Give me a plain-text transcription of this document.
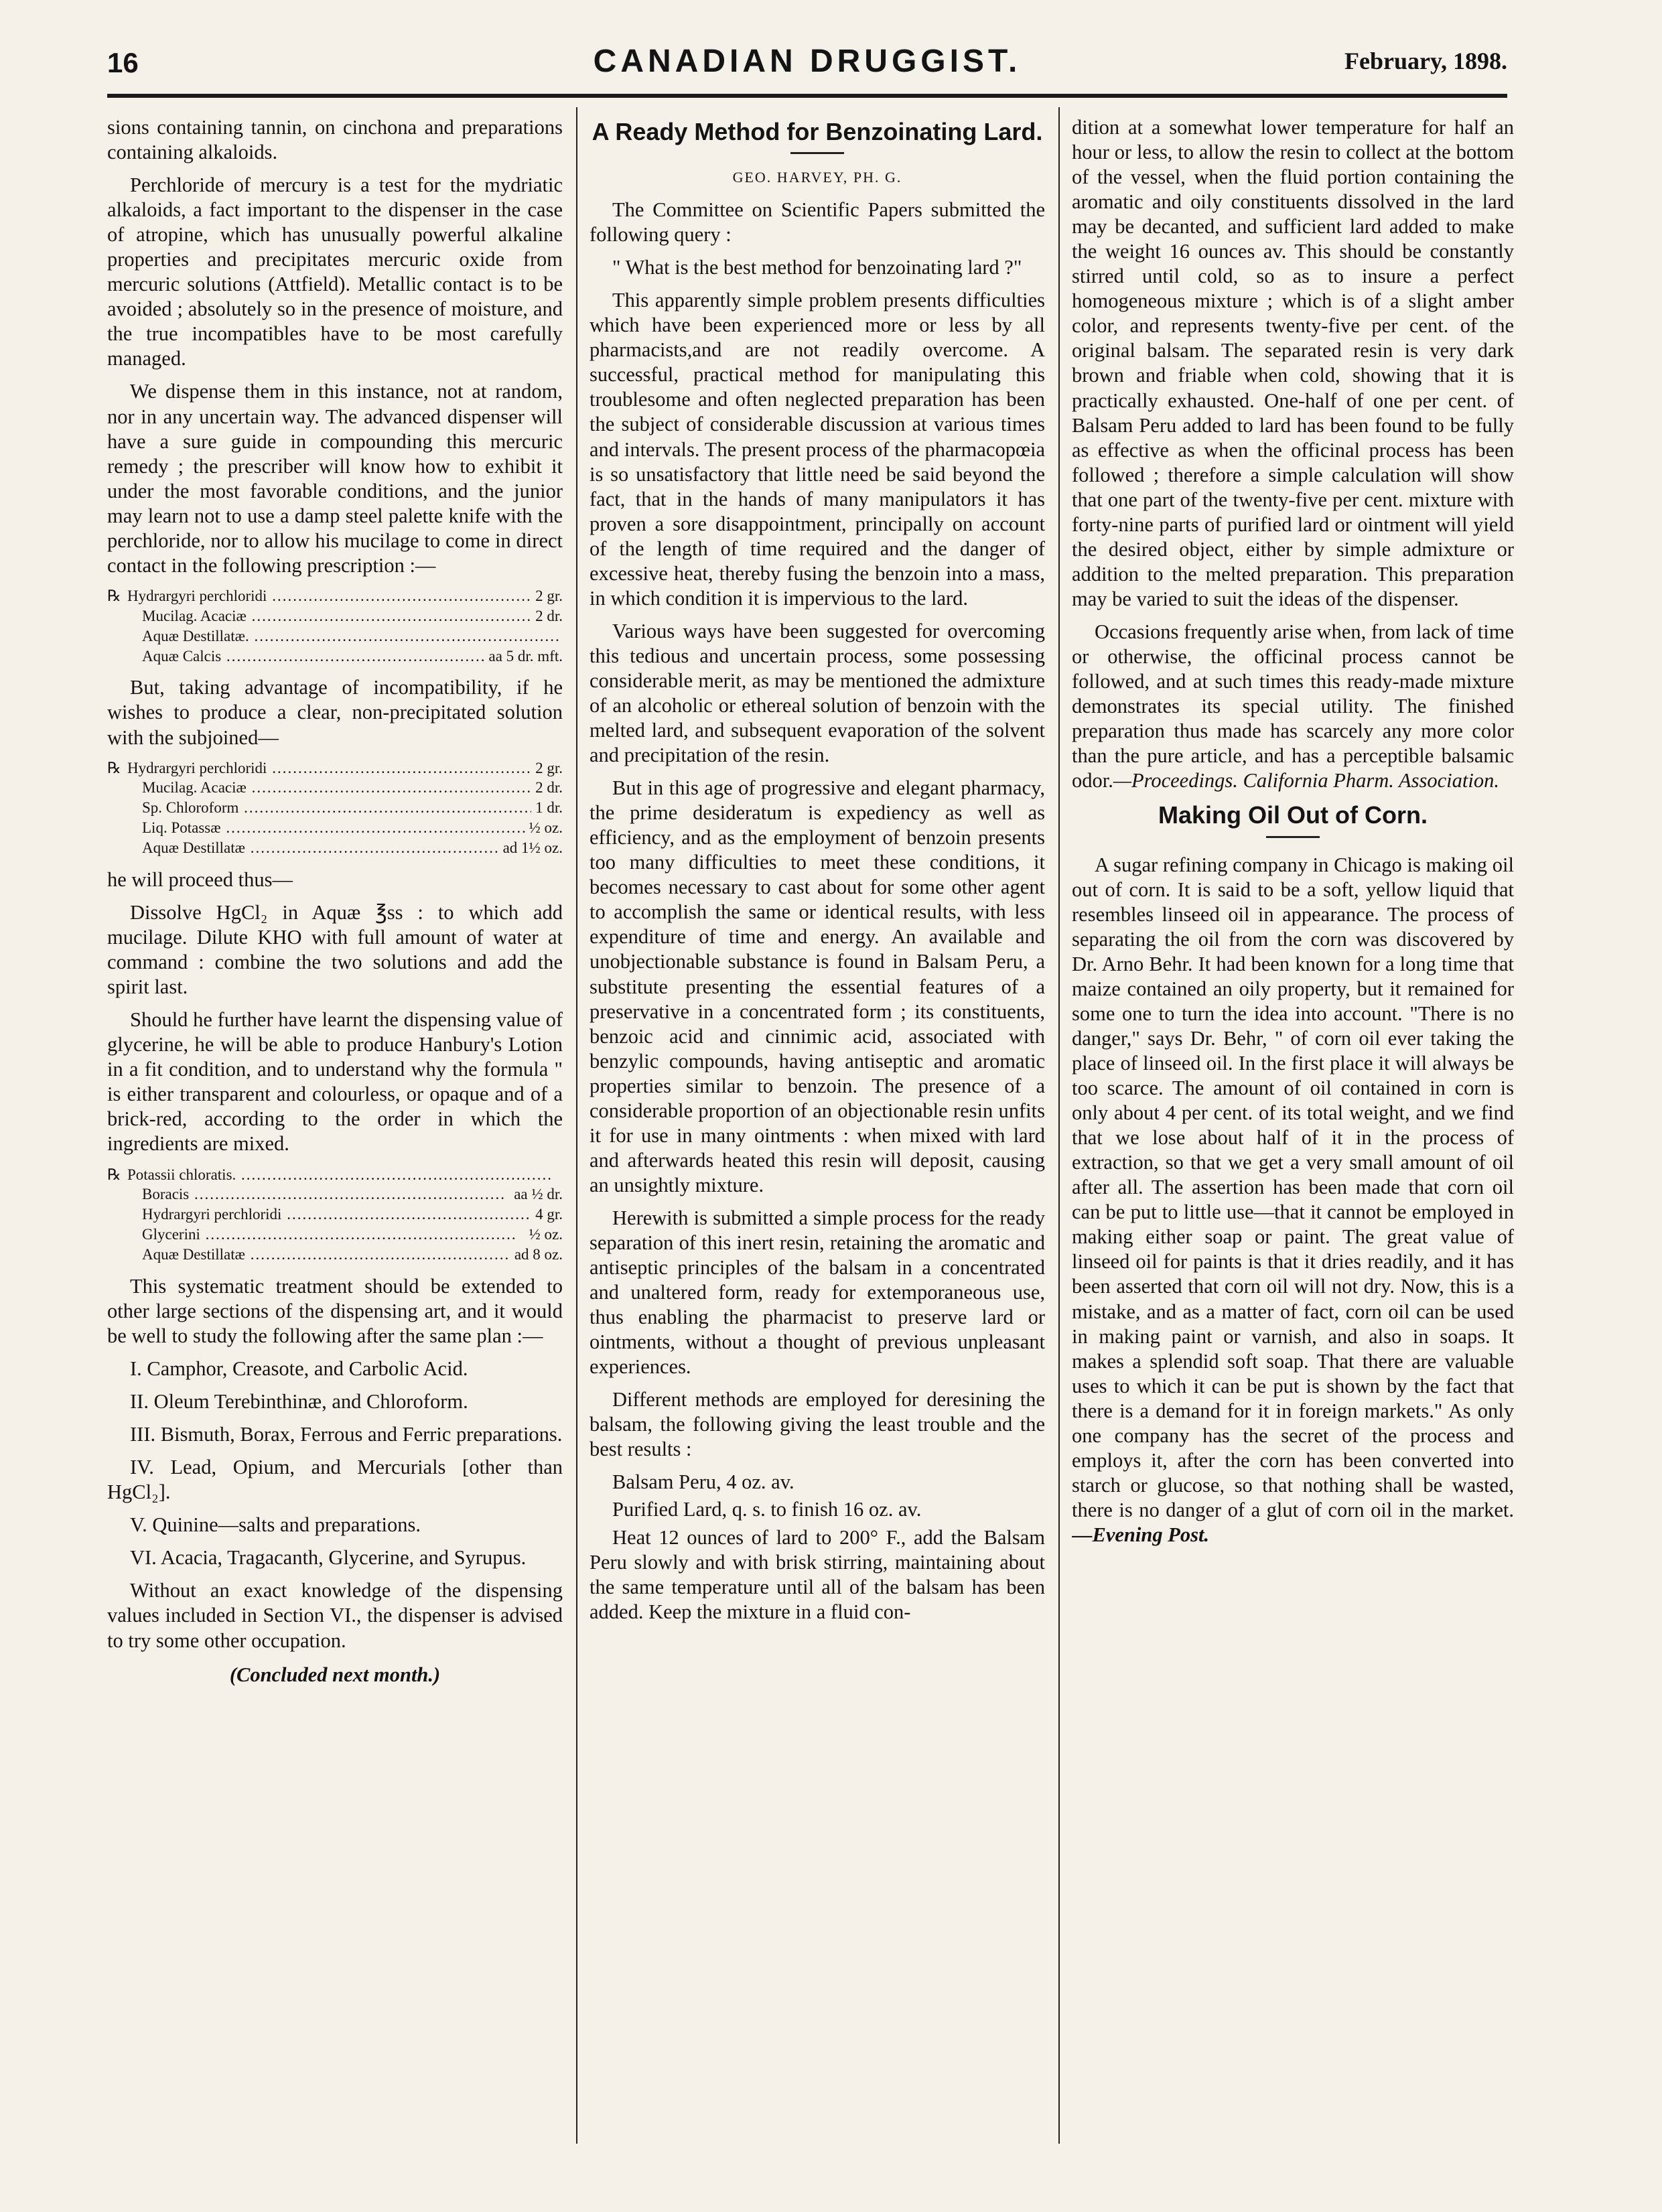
16	CANADIAN DRUGGIST.	February, 1898.

sions containing tannin, on cinchona and preparations containing alkaloids.

Perchloride of mercury is a test for the mydriatic alkaloids, a fact important to the dispenser in the case of atropine, which has unusually powerful alkaline properties and precipitates mercuric oxide from mercuric solutions (Attfield). Metallic contact is to be avoided ; absolutely so in the presence of moisture, and the true incompatibles have to be most carefully managed.

We dispense them in this instance, not at random, nor in any uncertain way. The advanced dispenser will have a sure guide in compounding this mercuric remedy ; the prescriber will know how to exhibit it under the most favorable conditions, and the junior may learn not to use a damp steel palette knife with the perchloride, nor to allow his mucilage to come in direct contact in the following prescription :—

℞ Hydrargyri perchloridi .....	2 gr.
Mucilag. Acaciæ .....	2 dr.
Aquæ Destillatæ. .....
Aquæ Calcis .....	aa 5 dr. mft.

But, taking advantage of incompatibility, if he wishes to produce a clear, non-precipitated solution with the subjoined—

℞ Hydrargyri perchloridi .....	2 gr.
Mucilag. Acaciæ .....	2 dr.
Sp. Chloroform .....	1 dr.
Liq. Potassæ .....	½ oz.
Aquæ Destillatæ .....	ad 1½ oz.

he will proceed thus—

Dissolve HgCl₂ in Aquæ ℥ss : to which add mucilage. Dilute KHO with full amount of water at command : combine the two solutions and add the spirit last.

Should he further have learnt the dispensing value of glycerine, he will be able to produce Hanbury's Lotion in a fit condition, and to understand why the formula " is either transparent and colourless, or opaque and of a brick-red, according to the order in which the ingredients are mixed.

℞ Potassii chloratis. .....
Boracis .....	aa ½ dr.
Hydrargyri perchloridi .....	4 gr.
Glycerini .....	½ oz.
Aquæ Destillatæ .....	ad 8 oz.

This systematic treatment should be extended to other large sections of the dispensing art, and it would be well to study the following after the same plan :—

I. Camphor, Creasote, and Carbolic Acid.

II. Oleum Terebinthinæ, and Chloroform.

III. Bismuth, Borax, Ferrous and Ferric preparations.

IV. Lead, Opium, and Mercurials [other than HgCl₂].

V. Quinine—salts and preparations.

VI. Acacia, Tragacanth, Glycerine, and Syrupus.

Without an exact knowledge of the dispensing values included in Section VI., the dispenser is advised to try some other occupation.

(Concluded next month.)
A Ready Method for Benzoinating Lard.
GEO. HARVEY, PH. G.

The Committee on Scientific Papers submitted the following query :

" What is the best method for benzoinating lard ?"

This apparently simple problem presents difficulties which have been experienced more or less by all pharmacists,and are not readily overcome. A successful, practical method for manipulating this troublesome and often neglected preparation has been the subject of considerable discussion at various times and intervals. The present process of the pharmacopœia is so unsatisfactory that little need be said beyond the fact, that in the hands of many manipulators it has proven a sore disappointment, principally on account of the length of time required and the danger of excessive heat, thereby fusing the benzoin into a mass, in which condition it is impervious to the lard.

Various ways have been suggested for overcoming this tedious and uncertain process, some possessing considerable merit, as may be mentioned the admixture of an alcoholic or ethereal solution of benzoin with the melted lard, and subsequent evaporation of the solvent and precipitation of the resin.

But in this age of progressive and elegant pharmacy, the prime desideratum is expediency as well as efficiency, and as the employment of benzoin presents too many difficulties to meet these conditions, it becomes necessary to cast about for some other agent to accomplish the same or identical results, with less expenditure of time and energy. An available and unobjectionable substance is found in Balsam Peru, a substitute presenting the essential features of a preservative in a concentrated form ; its constituents, benzoic acid and cinnimic acid, associated with benzylic compounds, having antiseptic and aromatic properties similar to benzoin. The presence of a considerable proportion of an objectionable resin unfits it for use in many ointments : when mixed with lard and afterwards heated this resin will deposit, causing an unsightly mixture.

Herewith is submitted a simple process for the ready separation of this inert resin, retaining the aromatic and antiseptic principles of the balsam in a concentrated and unaltered form, ready for extemporaneous use, thus enabling the pharmacist to preserve lard or ointments, without a thought of previous unpleasant experiences.

Different methods are employed for deresining the balsam, the following giving the least trouble and the best results :

Balsam Peru, 4 oz. av.

Purified Lard, q. s. to finish 16 oz. av.

Heat 12 ounces of lard to 200° F., add the Balsam Peru slowly and with brisk stirring, maintaining about the same temperature until all of the balsam has been added. Keep the mixture in a fluid con-

dition at a somewhat lower temperature for half an hour or less, to allow the resin to collect at the bottom of the vessel, when the fluid portion containing the aromatic and oily constituents dissolved in the lard may be decanted, and sufficient lard added to make the weight 16 ounces av. This should be constantly stirred until cold, so as to insure a perfect homogeneous mixture ; which is of a slight amber color, and represents twenty-five per cent. of the original balsam. The separated resin is very dark brown and friable when cold, showing that it is practically exhausted. One-half of one per cent. of Balsam Peru added to lard has been found to be fully as effective as when the officinal process has been followed ; therefore a simple calculation will show that one part of the twenty-five per cent. mixture with forty-nine parts of purified lard or ointment will yield the desired object, either by simple admixture or addition to the melted preparation. This preparation may be varied to suit the ideas of the dispenser.

Occasions frequently arise when, from lack of time or otherwise, the officinal process cannot be followed, and at such times this ready-made mixture demonstrates its special utility. The finished preparation thus made has scarcely any more color than the pure article, and has a perceptible balsamic odor.—Proceedings. California Pharm. Association.

Making Oil Out of Corn.

A sugar refining company in Chicago is making oil out of corn. It is said to be a soft, yellow liquid that resembles linseed oil in appearance. The process of separating the oil from the corn was discovered by Dr. Arno Behr. It had been known for a long time that maize contained an oily property, but it remained for some one to turn the idea into account. "There is no danger," says Dr. Behr, " of corn oil ever taking the place of linseed oil. In the first place it will always be too scarce. The amount of oil contained in corn is only about 4 per cent. of its total weight, and we find that we lose about half of it in the process of extraction, so that we get a very small amount of oil after all. The assertion has been made that corn oil can be put to little use—that it cannot be employed in making either soap or paint. The great value of linseed oil for paints is that it dries readily, and it has been asserted that corn oil will not dry. Now, this is a mistake, and as a matter of fact, corn oil can be used in making paint or varnish, and also in soaps. It makes a splendid soft soap. That there are valuable uses to which it can be put is shown by the fact that there is a demand for it in foreign markets." As only one company has the secret of the process and employs it, after the corn has been converted into starch or glucose, so that nothing shall be wasted, there is no danger of a glut of corn oil in the market.—Evening Post.
